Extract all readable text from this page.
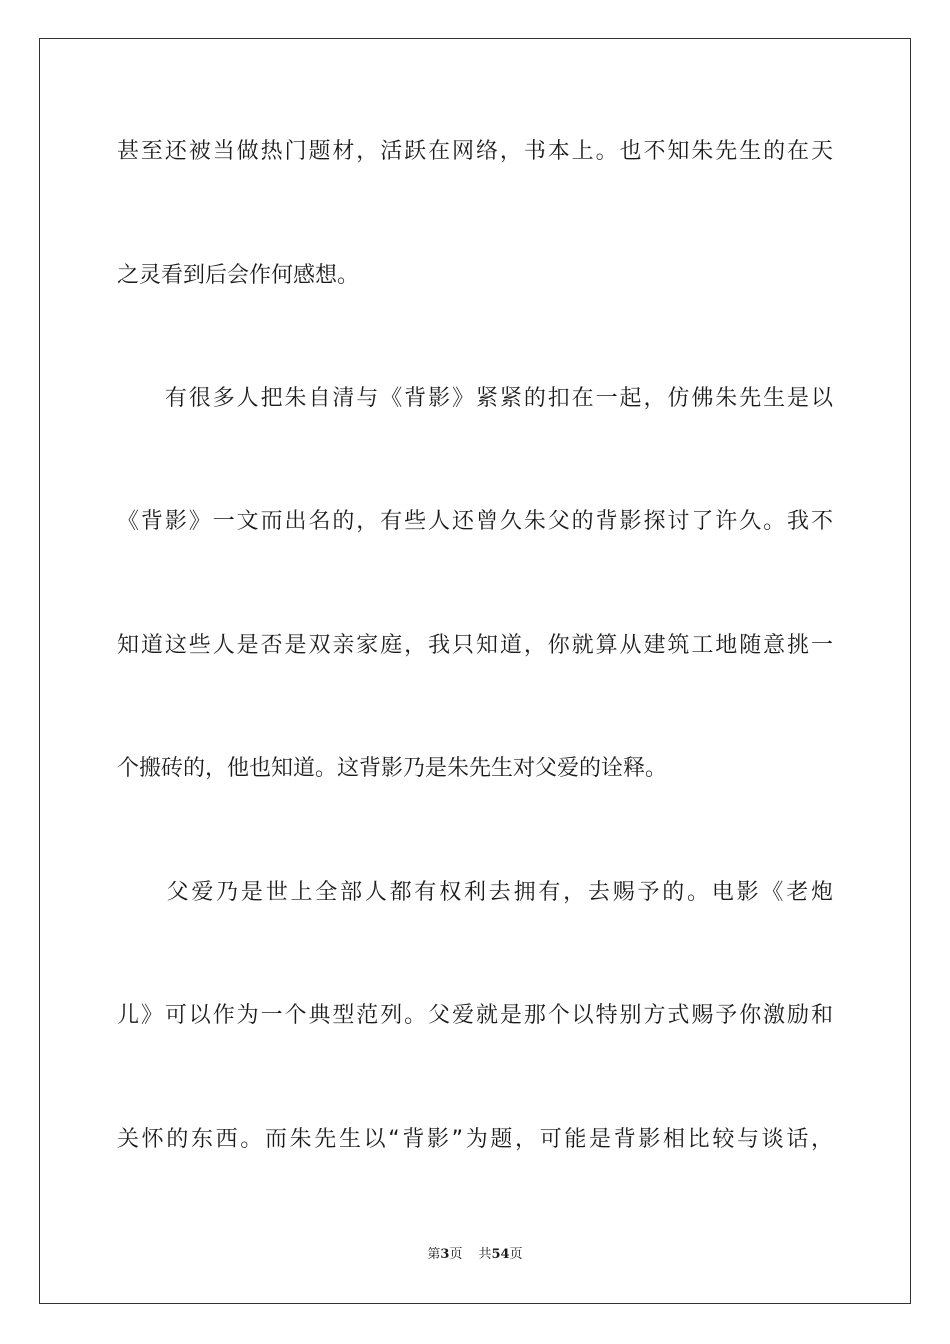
甚至还被当做热门题材，活跃在网络，书本上。也不知朱先生的在天
之灵看到后会作何感想。
　　有很多人把朱自清与《背影》紧紧的扣在一起，仿佛朱先生是以
《背影》一文而出名的，有些人还曾久朱父的背影探讨了许久。我不
知道这些人是否是双亲家庭，我只知道，你就算从建筑工地随意挑一
个搬砖的，他也知道。这背影乃是朱先生对父爱的诠释。
　　父爱乃是世上全部人都有权利去拥有，去赐予的。电影《老炮
儿》可以作为一个典型范列。父爱就是那个以特别方式赐予你激励和
关怀的东西。而朱先生以“背影”为题，可能是背影相比较与谈话，
第3页 共54页
